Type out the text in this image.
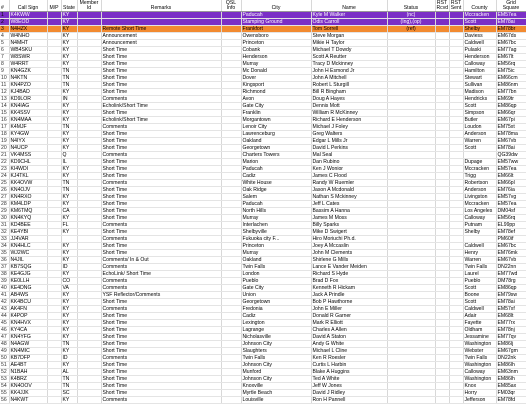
#	Call Sign	M/P	State	Member Id	Remarks	QSL Info	City	Name	Status	RST Rcvd	RST Sent	County	Grid Square
1	K4KWW		KY				Paducah	Kyle M Walker	(nc)			Mccracken	EM57ea
2	W8EOD		KY				Stamping Ground	Odis Carroll	(Ing),(op)			Scott	EM78ai
3	N4HZX		KY		Remote Short Time		Frankfort	Tom Sorrell	(ref)			Shelby	EM78br
4	W4NHO		KY		Announcement		Owensboro	Steve Morgan				Daviess	EM67ds
5	N4MHT		KY		Announcement		Princeton	Mikie H Taylor				Caldwell	EM67bc
6	WB4SKU		KY		Short Time		Cobank	Michael T Dowdy				Pulaski	EM77ag
7	W8SWR		KY		Short Time		Henderson	Scott A Reutter				Henderson	EM67lt
8	W4RRT		KY		Short Time		Murray	Tracy D Mckinney				Calloway	EM56rq
9	KN4GZK		TN		Short Time		Mc Donald	John H Esmond Jr				Hamilton	EM75ic
10	N4KTN		TN		Short Time		Dover	John A Mitchell				Stewart	EM66cm
11	KN4PZO		TN		Short Time		Kingsport	Robert L Sturgill				Sullivan	EM86nm
12	KJ4BAD		KY		Short Time		Richmond	Bill R Bingham				Madison	EM77bn
13	KD9LOR		IN		Comments		Avon	Doug A Hayes				Hendricks	EM69tr
14	KN4IAG		KY		Echolink/Short Time		Gate City	Dennis Mott				Scott	EM86qp
15	KK4SSV		KY		Short Time		Franklin	William R McKinney				Simpson	EM66qr
16	KN4MAA		KY		Echolink/Short Time		Morgantown	Richard E Henderson				Butler	EM67pi
17	K4MJF		TN		Comments		Lenoir City	Michael J Foley				Loudon	EM75xt
18	KY4GW		KY		Short Time		Lawrenceburg	Greg Walters				Anderson	EM78ma
19	N4IYX		KY		Short Time		Oakland	Edgar L Mills Jr				Warren	EM67vb
20	N4UCP		KY		Short Time		Georgetown	David L Perkins				Scott	EM78ai
21	VK4MSS		Q		Comments		Charters Towers	Mal Seal					QG39dw
22	KD9CHL		IL		Short Time		Marion	Dan Rubino				Dupage	EM57ww
23	KI4WDI		KY		Short Time		Paducah	Ken J Wonior				Mccracken	EM57ea
24	KJ4TKL		KY		Short Time		Cadiz	James C Flood				Trigg	EM66lt
25	KK4OVW		TN		Comments		White House	Randy W Ruemler				Robertson	EM66pl
26	KN4OJV		TN		Short Time		Oak Ridge	Jason A Mcdonald				Anderson	EM76ia
27	KN4RXO		KY		Short Time		Salem	Nathan S Mckinney				Livingston	EM57vg
28	KM4LDP		KY		Short Time		Paducah	Jeff L Cates				Mccracken	EM57ea
29	KM6TMQ		CA		Short Time		North Hills	Bassim A Hanna				Los Angeles	DM04sf
30	KN4KYQ		KY		Short Time		Murray	James M Moss				Calloway	EM56rq
31	KD4BEE		FL		Comments		Interlachen	Billy Sparks				Putnam	EL99pp
32	KE4YBI		KY		Short Time		Shelbyville	Mike D Swigert				Shelby	EM78ef
33	JJ4VAR				Comments		Fukuoka city F...	Hiro Moriuchi Ph.d.					PM60if
34	KN4HLC		KY		Short Time		Princeton	Joey A Mccaslin				Caldwell	EM67bc
35	WJ2WC		KY		Short Time		Murray	John M Clements				Henry	EM76mk
36	N4JIL		KY		Comments/ In & Out		Oakland	Shirlene G Mills				Warren	EM67vb
37	KB7SQG		ID		Comments		Twin Falls	Lance E Vander Meiden				Twin Falls	DN22nn
38	KE4GJG		KY		EchoLink/ Short Time		London	Richard S Hyde				Laurel	EM77wd
39	KE0LLH		CO		Comments		Pueblo	Brad D Fox				Pueblo	DM78rg
40	KE4DNG		VA		Comments		Gate City	Kenneth R Hickam				Scott	EM86qp
41	AB4WS		KY		YSF Reflector/Comments		Union	Jack A Prindle				Boone	EM79sw
42	KK4BCU		KY		Short Time		Georgetown	Bob P Hawthorne				Scott	EM78ai
43	AK4FN		KY		Comments		Fredonia	John E Miller				Caldwell	EM57xf
44	K4POP		KY		Short Time		Cadiz	Donald R Garner				Adair	EM68lt
45	KN4HVX		KY		Short Time		Lexington	Mark R Elliott				Fayette	EM77rx
46	KY4CA		KY		Short Time		Lagrange	Charles A Allen				Oldham	EM78nj
47	KN4YFG		KY		Short Time		Nicholasville	David A Staton				Jessamine	EM77qv
48	N4AGW		TN		Short Time		Johnson City	Andy G White				Washington	EM86lj
49	KN4MIC		KY		Short Time		Slaughters	Michael L Cline				Webster	EM67gm
50	KB7DFP		ID		Comments		Twin Falls	Ken R Roesler				Twin Falls	DN22nk
51	AE4BT		KY		Short Time		Johnson City	Curtis L Harbin				Washington	EM86lh
52	N1BAH		AL		Short Time		Munford	Blake A Huggins				Calloway	EM63nm
53	K4BRZ		TN		Short Time		Johnson City	Ted A White				Washington	EM86lh
54	KN4OOV		TN		Short Time		Knoxville	Jeff W Jones				Knox	EM85ax
55	KK4JJK		SC		Short Time		Myrtle Beach	David J Ridley				Horry	FM03qr
56	N4KWT		KY		Comments		Louisville	Ron H Pannell				Jefferson	EM78fd
